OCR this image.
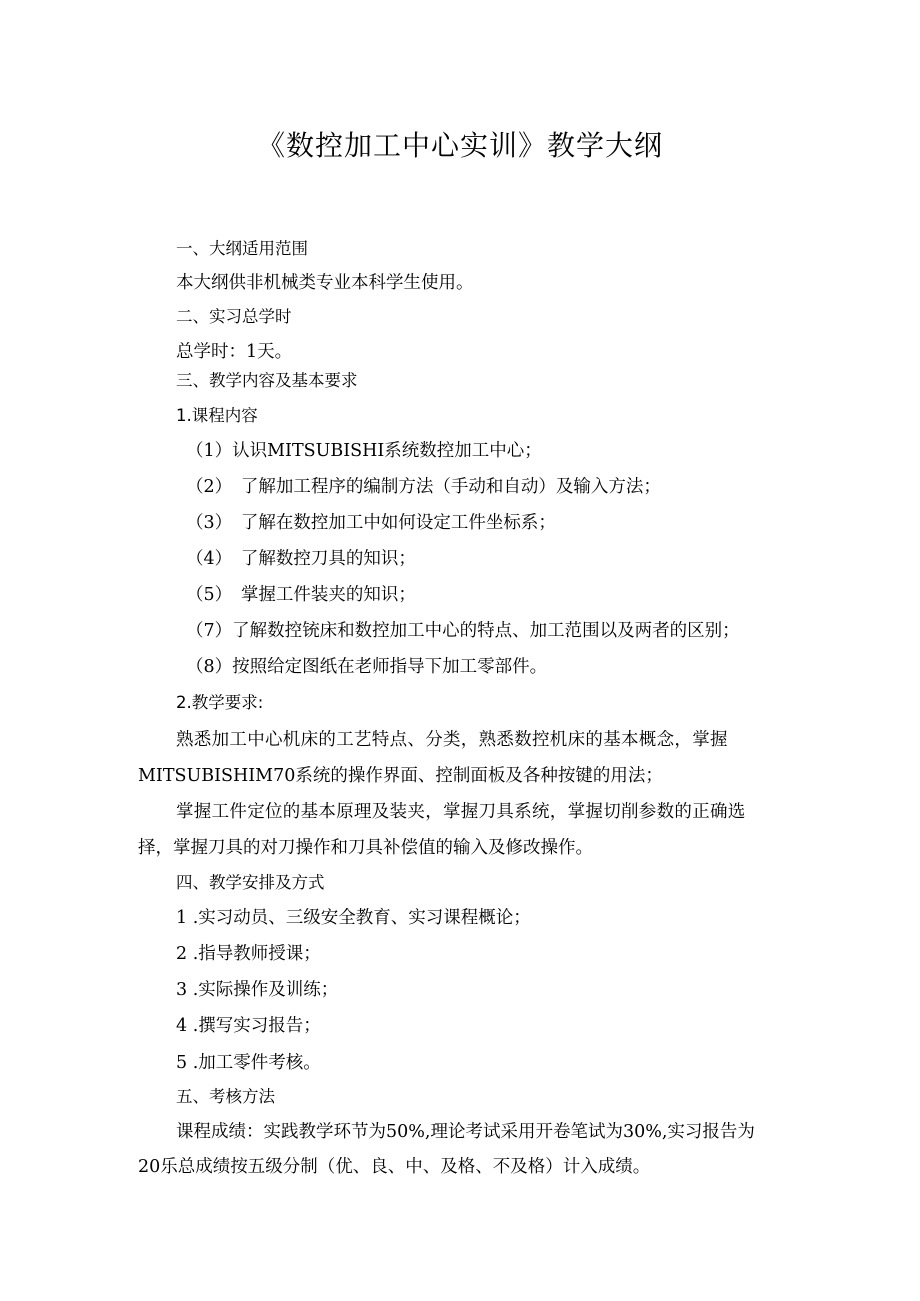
《数控加工中心实训》教学大纲

一、大纲适用范围

本大纲供非机械类专业本科学生使用。

二、实习总学时

总学时：1天。

三、教学内容及基本要求

1.课程内容

（1）认识MITSUBISHI系统数控加工中心；

（2）　了解加工程序的编制方法（手动和自动）及输入方法；

（3）　了解在数控加工中如何设定工件坐标系；

（4）　了解数控刀具的知识；

（5）　掌握工件装夹的知识；

（7）了解数控铳床和数控加工中心的特点、加工范围以及两者的区别；

（8）按照给定图纸在老师指导下加工零部件。

2.教学要求:

熟悉加工中心机床的工艺特点、分类，熟悉数控机床的基本概念，掌握

MITSUBISHIM70系统的操作界面、控制面板及各种按键的用法；

掌握工件定位的基本原理及装夹，掌握刀具系统，掌握切削参数的正确选

择，掌握刀具的对刀操作和刀具补偿值的输入及修改操作。

四、教学安排及方式

1 .实习动员、三级安全教育、实习课程概论；

2 .指导教师授课；

3 .实际操作及训练；

4 .撰写实习报告；

5 .加工零件考核。

五、考核方法

课程成绩：实践教学环节为50%,理论考试采用开卷笔试为30%,实习报告为

20乐总成绩按五级分制（优、良、中、及格、不及格）计入成绩。
